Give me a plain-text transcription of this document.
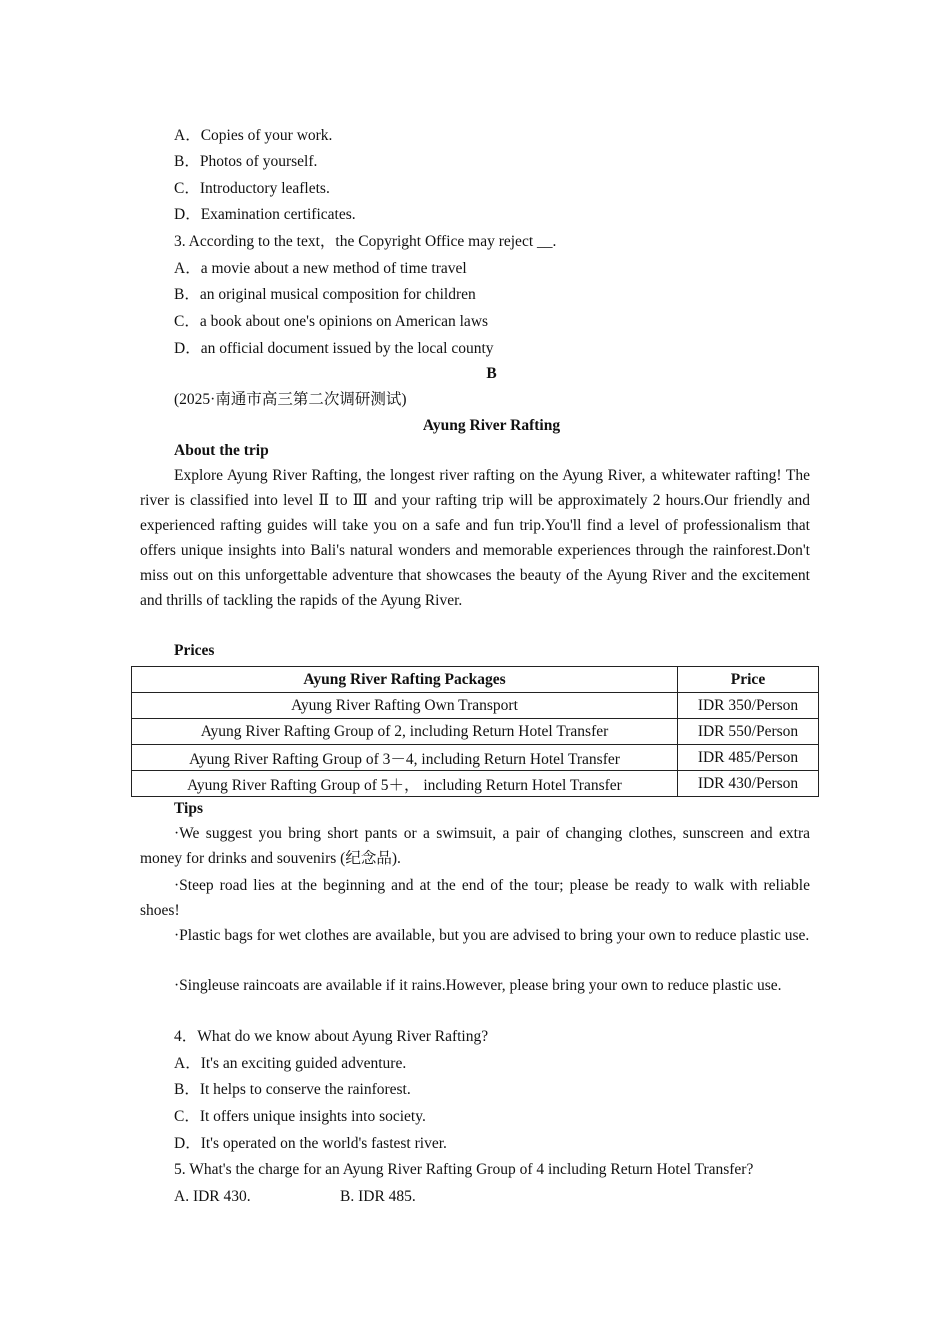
A．Copies of your work.
B．Photos of yourself.
C．Introductory leaflets.
D．Examination certificates.
3. According to the text，the Copyright Office may reject __.
A．a movie about a new method of time travel
B．an original musical composition for children
C．a book about one's opinions on American laws
D．an official document issued by the local county
B
(2025·南通市高三第二次调研测试)
Ayung River Rafting
About the trip
Explore Ayung River Rafting, the longest river rafting on the Ayung River, a whitewater rafting! The river is classified into level Ⅱ to Ⅲ and your rafting trip will be approximately 2 hours.Our friendly and experienced rafting guides will take you on a safe and fun trip.You'll find a level of professionalism that offers unique insights into Bali's natural wonders and memorable experiences through the rainforest.Don't miss out on this unforgettable adventure that showcases the beauty of the Ayung River and the excitement and thrills of tackling the rapids of the Ayung River.
Prices
Ayung River Rafting Packages	Price
Ayung River Rafting Own Transport	IDR 350/Person
Ayung River Rafting Group of 2, including Return Hotel Transfer	IDR 550/Person
Ayung River Rafting Group of 3－4, including Return Hotel Transfer	IDR 485/Person
Ayung River Rafting Group of 5＋， including Return Hotel Transfer	IDR 430/Person
Tips
·We suggest you bring short pants or a swimsuit, a pair of changing clothes, sunscreen and extra money for drinks and souvenirs (纪念品).
·Steep road lies at the beginning and at the end of the tour; please be ready to walk with reliable shoes!
·Plastic bags for wet clothes are available, but you are advised to bring your own to reduce plastic use.
·Singleuse raincoats are available if it rains.However, please bring your own to reduce plastic use.
4．What do we know about Ayung River Rafting?
A．It's an exciting guided adventure.
B．It helps to conserve the rainforest.
C．It offers unique insights into society.
D．It's operated on the world's fastest river.
5. What's the charge for an Ayung River Rafting Group of 4 including Return Hotel Transfer?
A. IDR 430.	B. IDR 485.
